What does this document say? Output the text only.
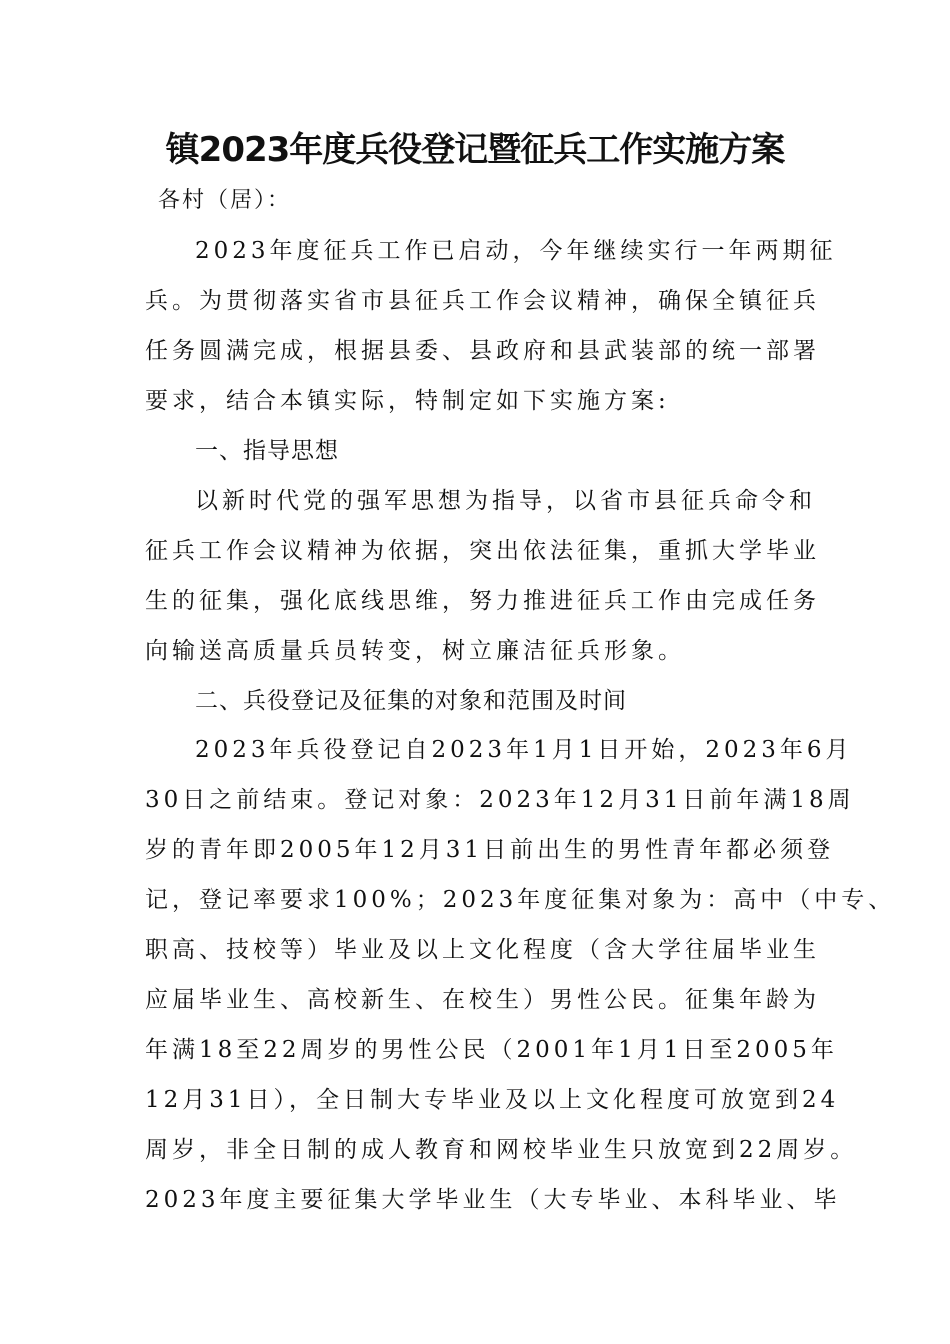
镇2023年度兵役登记暨征兵工作实施方案
各村（居）：
2023年度征兵工作已启动，今年继续实行一年两期征
兵。为贯彻落实省市县征兵工作会议精神，确保全镇征兵
任务圆满完成，根据县委、县政府和县武装部的统一部署
要求，结合本镇实际，特制定如下实施方案:
一、指导思想
以新时代党的强军思想为指导，以省市县征兵命令和
征兵工作会议精神为依据，突出依法征集，重抓大学毕业
生的征集，强化底线思维，努力推进征兵工作由完成任务
向输送高质量兵员转变，树立廉洁征兵形象。
二、兵役登记及征集的对象和范围及时间
2023年兵役登记自2023年1月1日开始，2023年6月
30日之前结束。登记对象：2023年12月31日前年满18周
岁的青年即2005年12月31日前出生的男性青年都必须登
记，登记率要求100%；2023年度征集对象为：高中（中专、
职高、技校等）毕业及以上文化程度（含大学往届毕业生
应届毕业生、高校新生、在校生）男性公民。征集年龄为
年满18至22周岁的男性公民（2001年1月1日至2005年
12月31日），全日制大专毕业及以上文化程度可放宽到24
周岁，非全日制的成人教育和网校毕业生只放宽到22周岁。
2023年度主要征集大学毕业生（大专毕业、本科毕业、毕
